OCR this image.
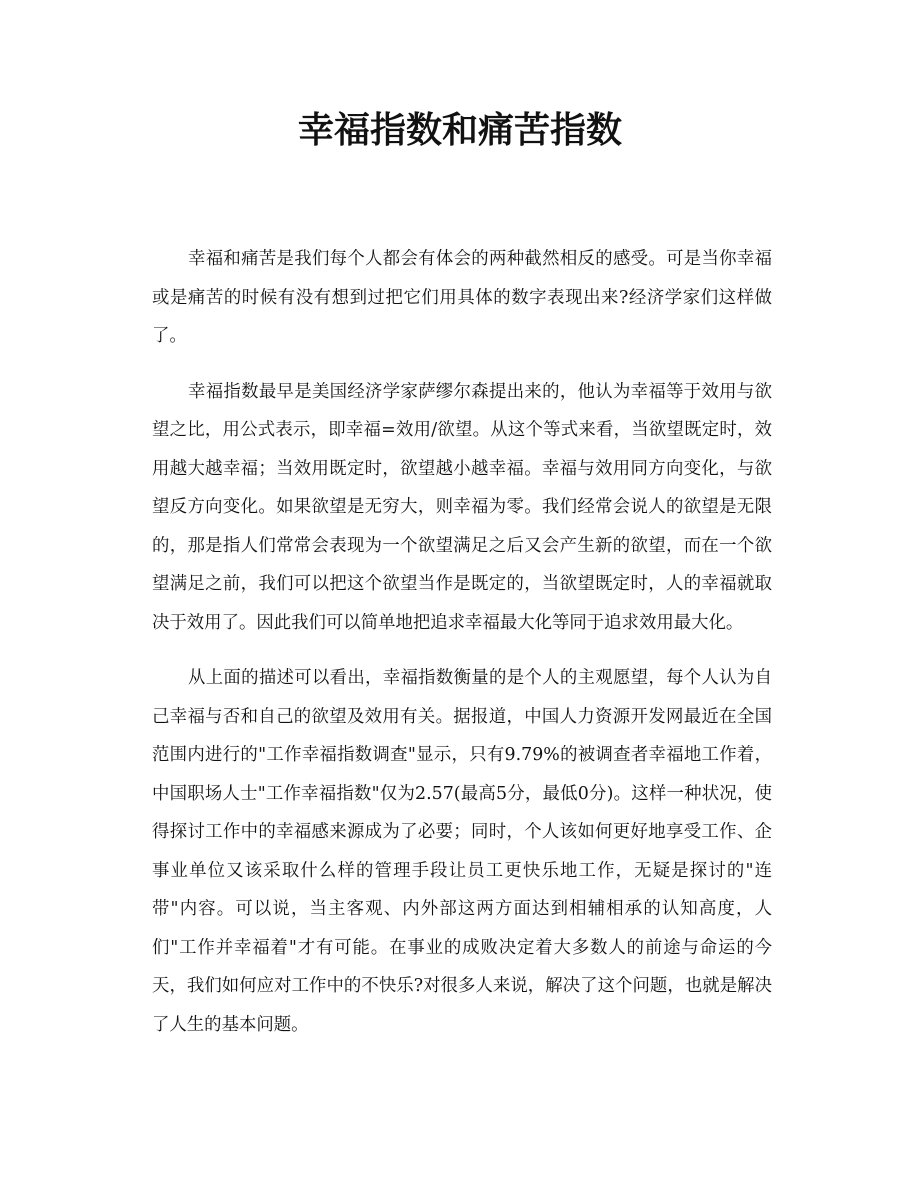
幸福指数和痛苦指数

幸福和痛苦是我们每个人都会有体会的两种截然相反的感受。可是当你幸福或是痛苦的时候有没有想到过把它们用具体的数字表现出来?经济学家们这样做了。

幸福指数最早是美国经济学家萨缪尔森提出来的，他认为幸福等于效用与欲望之比，用公式表示，即幸福=效用/欲望。从这个等式来看，当欲望既定时，效用越大越幸福；当效用既定时，欲望越小越幸福。幸福与效用同方向变化，与欲望反方向变化。如果欲望是无穷大，则幸福为零。我们经常会说人的欲望是无限的，那是指人们常常会表现为一个欲望满足之后又会产生新的欲望，而在一个欲望满足之前，我们可以把这个欲望当作是既定的，当欲望既定时，人的幸福就取决于效用了。因此我们可以简单地把追求幸福最大化等同于追求效用最大化。

从上面的描述可以看出，幸福指数衡量的是个人的主观愿望，每个人认为自己幸福与否和自己的欲望及效用有关。据报道，中国人力资源开发网最近在全国范围内进行的"工作幸福指数调查"显示，只有9.79%的被调查者幸福地工作着，中国职场人士"工作幸福指数"仅为2.57(最高5分，最低0分)。这样一种状况，使得探讨工作中的幸福感来源成为了必要；同时，个人该如何更好地享受工作、企事业单位又该采取什么样的管理手段让员工更快乐地工作，无疑是探讨的"连带"内容。可以说，当主客观、内外部这两方面达到相辅相承的认知高度，人们"工作并幸福着"才有可能。在事业的成败决定着大多数人的前途与命运的今天，我们如何应对工作中的不快乐?对很多人来说，解决了这个问题，也就是解决了人生的基本问题。
